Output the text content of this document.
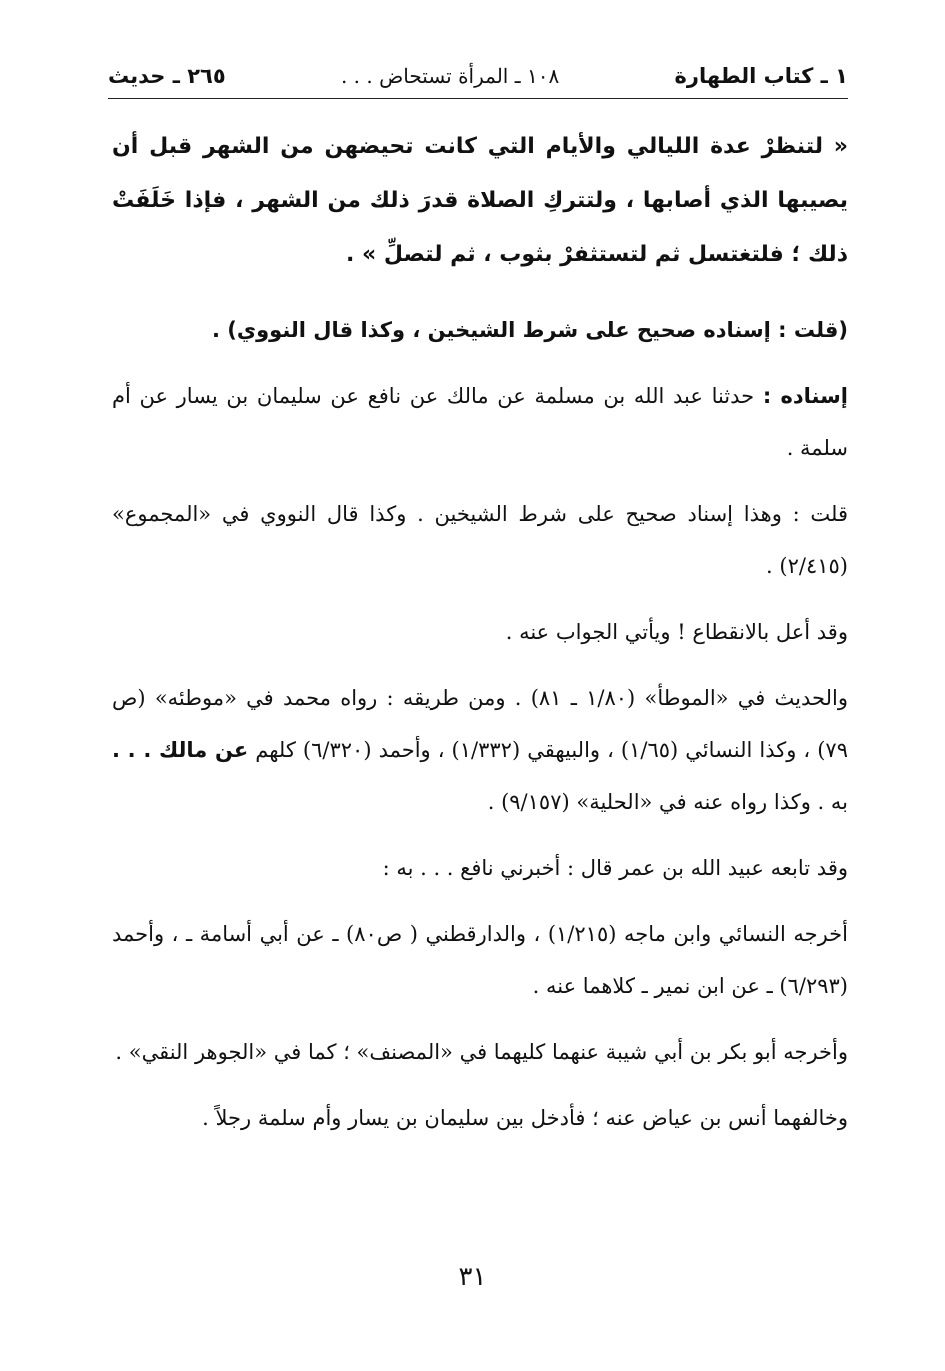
١ ـ كتاب الطهارة
١٠٨ ـ المرأة تستحاض . . .
٢٦٥ ـ حديث

« لتنظرْ عدة الليالي والأيام التي كانت تحيضهن من الشهر قبل أن يصيبها الذي أصابها ، ولتتركِ الصلاة قدرَ ذلك من الشهر ، فإذا خَلَفَتْ ذلك ؛ فلتغتسل ثم لتستثفرْ بثوب ، ثم لتصلِّ » .

(قلت : إسناده صحيح على شرط الشيخين ، وكذا قال النووي) .

إسناده : حدثنا عبد الله بن مسلمة عن مالك عن نافع عن سليمان بن يسار عن أم سلمة .

قلت : وهذا إسناد صحيح على شرط الشيخين . وكذا قال النووي في «المجموع» (٢/٤١٥) .

وقد أعل بالانقطاع ! ويأتي الجواب عنه .

والحديث في «الموطأ» (١/٨٠ ـ ٨١) . ومن طريقه : رواه محمد في «موطئه» (ص ٧٩) ، وكذا النسائي (١/٦٥) ، والبيهقي (١/٣٣٢) ، وأحمد (٦/٣٢٠) كلهم عن مالك . . . به . وكذا رواه عنه في «الحلية» (٩/١٥٧) .

وقد تابعه عبيد الله بن عمر قال : أخبرني نافع . . . به :

أخرجه النسائي وابن ماجه (١/٢١٥) ، والدارقطني ( ص٨٠) ـ عن أبي أسامة ـ ، وأحمد (٦/٢٩٣) ـ عن ابن نمير ـ كلاهما عنه .

وأخرجه أبو بكر بن أبي شيبة عنهما كليهما في «المصنف» ؛ كما في «الجوهر النقي» .

وخالفهما أنس بن عياض عنه ؛ فأدخل بين سليمان بن يسار وأم سلمة رجلاً .

٣١
